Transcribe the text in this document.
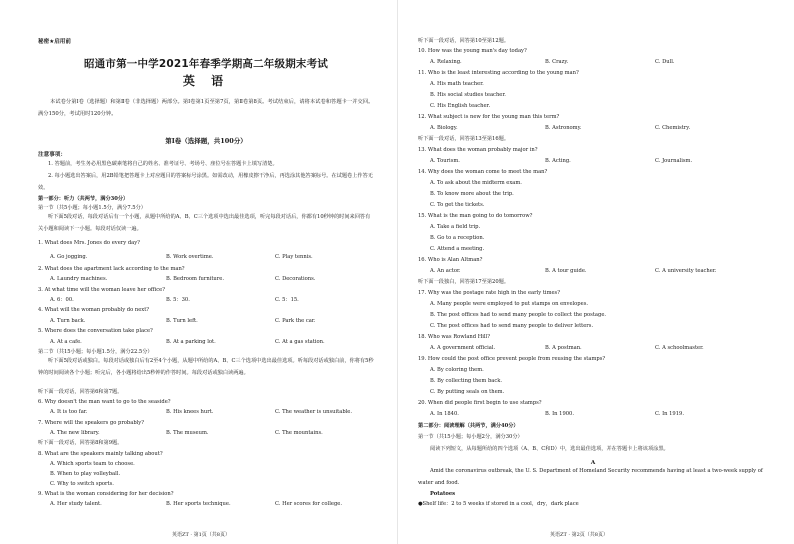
秘密★启用前
昭通市第一中学2021年春季学期高二年级期末考试
英 语
本试卷分第Ⅰ卷（选择题）和第Ⅱ卷（非选择题）两部分。第Ⅰ卷第1页至第7页，第Ⅱ卷第8页。考试结束后，请将本试卷和答题卡一并交回。满分150分，考试用时120分钟。
第Ⅰ卷（选择题，共100分）
注意事项：
1. 答题前，考生务必用黑色碳素笔将自己的姓名、准考证号、考场号、座位号在答题卡上填写清楚。
2. 每小题选出答案后，用2B铅笔把答题卡上对应题目的答案标号涂黑。如需改动，用橡皮擦干净后，再选涂其他答案标号。在试题卷上作答无效。
第一部分：听力（共两节，满分30分）
第一节（共5小题；每小题1.5分，满分7.5分）
听下面5段对话，每段对话后有一个小题，从题中所给的A、B、C三个选项中选出最佳选项，听完每段对话后，你都有10秒钟的时间来回答有关小题和阅读下一小题。每段对话仅读一遍。
1. What does Mrs. Jones do every day?
A. Go jogging.	B. Work overtime.	C. Play tennis.
2. What does the apartment lack according to the man?
A. Laundry machines.	B. Bedroom furniture.	C. Decorations.
3. At what time will the woman leave her office?
A. 6：00.	B. 5：30.	C. 5：15.
4. What will the woman probably do next?
A. Turn back.	B. Turn left.	C. Park the car.
5. Where does the conversation take place?
A. At a cafe.	B. At a parking lot.	C. At a gas station.
第二节（共15小题；每小题1.5分，满分22.5分）
听下面5段对话或独白。每段对话或独白后有2至4个小题，从题中所给的A、B、C三个选项中选出最佳选项。听每段对话或独白前，你将有5秒钟的时间阅读各个小题；听完后，各小题将给出5秒钟的作答时间。每段对话或独白读两遍。
听下面一段对话，回答第6和第7题。
6. Why doesn't the man want to go to the seaside?
A. It is too far.	B. His knees hurt.	C. The weather is unsuitable.
7. Where will the speakers go probably?
A. The new library.	B. The museum.	C. The mountains.
听下面一段对话，回答第8和第9题。
8. What are the speakers mainly talking about?
A. Which sports team to choose.
B. When to play volleyball.
C. Why to switch sports.
9. What is the woman considering for her decision?
A. Her study talent.	B. Her sports technique.	C. Her scores for college.
英语ZT · 第1页（共8页）
听下面一段对话，回答第10至第12题。
10. How was the young man's day today?
A. Relaxing.	B. Crazy.	C. Dull.
11. Who is the least interesting according to the young man?
A. His math teacher.
B. His social studies teacher.
C. His English teacher.
12. What subject is new for the young man this term?
A. Biology.	B. Astronomy.	C. Chemistry.
听下面一段对话，回答第13至第16题。
13. What does the woman probably major in?
A. Tourism.	B. Acting.	C. Journalism.
14. Why does the woman come to meet the man?
A. To ask about the midterm exam.
B. To know more about the trip.
C. To get the tickets.
15. What is the man going to do tomorrow?
A. Take a field trip.
B. Go to a reception.
C. Attend a meeting.
16. Who is Alan Altman?
A. An actor.	B. A tour guide.	C. A university teacher.
听下面一段独白，回答第17至第20题。
17. Why was the postage rate high in the early times?
A. Many people were employed to put stamps on envelopes.
B. The post offices had to send many people to collect the postage.
C. The post offices had to send many people to deliver letters.
18. Who was Rowland Hill?
A. A government official.	B. A postman.	C. A schoolmaster.
19. How could the post office prevent people from reusing the stamps?
A. By coloring them.
B. By collecting them back.
C. By putting seals on them.
20. When did people first begin to use stamps?
A. In 1840.	B. In 1900.	C. In 1919.
第二部分：阅读理解（共两节，满分40分）
第一节（共15小题；每小题2分，满分30分）
阅读下列短文，从每题所给的四个选项（A、B、C和D）中，选出最佳选项，并在答题卡上将该项涂黑。
A
Amid the coronavirus outbreak, the U. S. Department of Homeland Security recommends having at least a two-week supply of water and food.
Potatoes
●Shelf life：2 to 5 weeks if stored in a cool，dry，dark place
英语ZT · 第2页（共8页）
